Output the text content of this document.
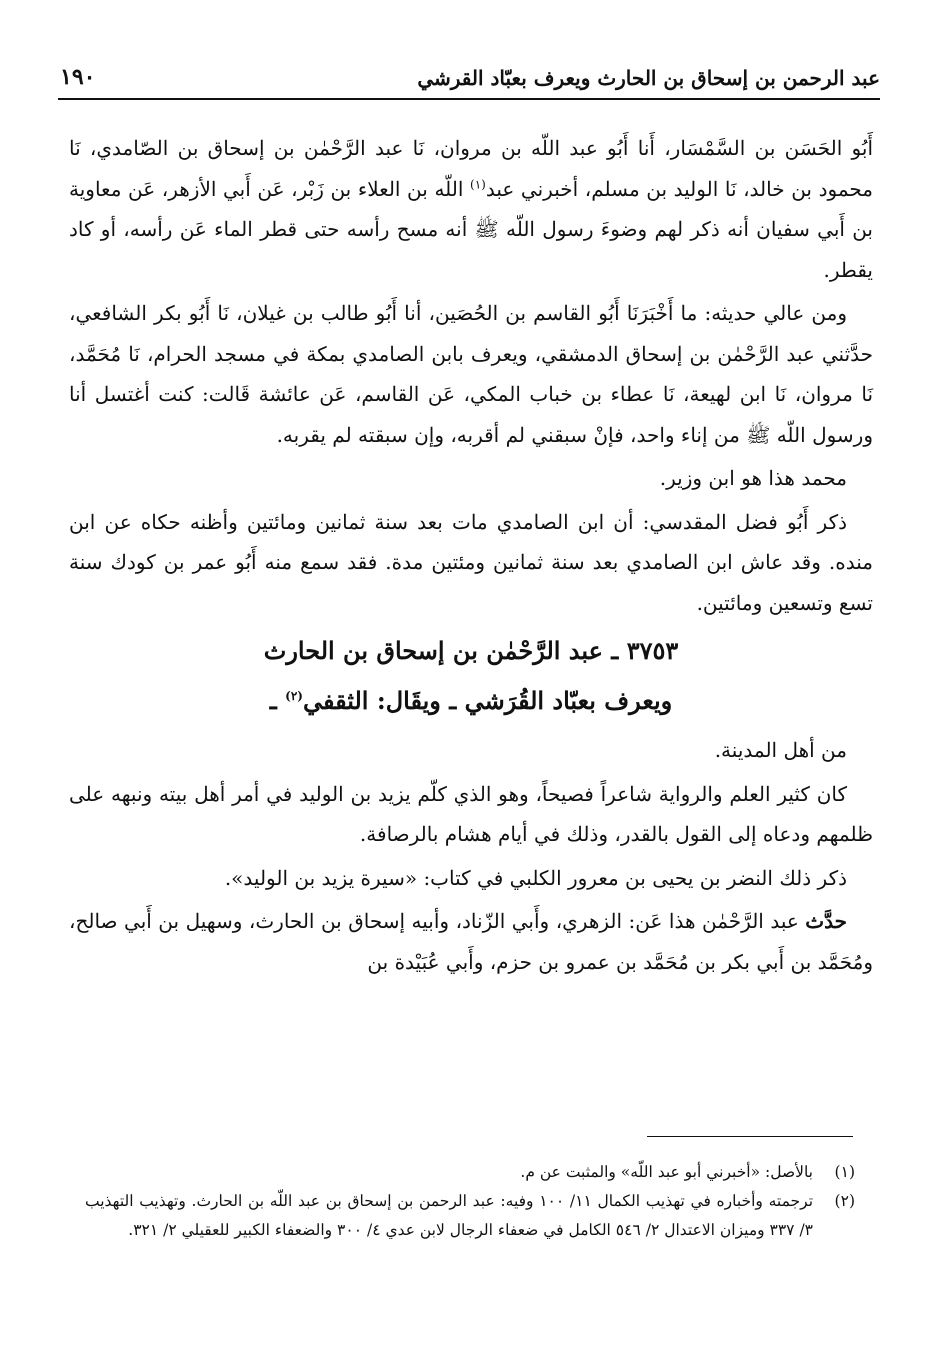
عبد الرحمن بن إسحاق بن الحارث ويعرف بعبّاد القرشي
١٩٠

أَبُو الحَسَن بن السَّمْسَار، أَنا أَبُو عبد اللّه بن مروان، نَا عبد الرَّحْمٰن بن إسحاق بن الصّامدي، نَا محمود بن خالد، نَا الوليد بن مسلم، أخبرني عبد$^{(١)}$ اللّه بن العلاء بن زَبْر، عَن أَبي الأزهر، عَن معاوية بن أَبي سفيان أنه ذكر لهم وضوءَ رسول اللّه ﷺ أنه مسح رأسه حتى قطر الماء عَن رأسه، أو كاد يقطر.

ومن عالي حديثه: ما أَخْبَرَنَا أَبُو القاسم بن الحُصَين، أنا أَبُو طالب بن غيلان، نَا أَبُو بكر الشافعي، حدَّثني عبد الرَّحْمٰن بن إسحاق الدمشقي، ويعرف بابن الصامدي بمكة في مسجد الحرام، نَا مُحَمَّد، نَا مروان، نَا ابن لهيعة، نَا عطاء بن خباب المكي، عَن القاسم، عَن عائشة قَالت: كنت أغتسل أنا ورسول اللّه ﷺ من إناء واحد، فإنْ سبقني لم أقربه، وإن سبقته لم يقربه.

محمد هذا هو ابن وزير.

ذكر أَبُو فضل المقدسي: أن ابن الصامدي مات بعد سنة ثمانين ومائتين وأظنه حكاه عن ابن منده. وقد عاش ابن الصامدي بعد سنة ثمانين ومئتين مدة. فقد سمع منه أَبُو عمر بن كودك سنة تسع وتسعين ومائتين.

٣٧٥٣ ـ عبد الرَّحْمٰن بن إسحاق بن الحارث

ويعرف بعبّاد القُرَشي ـ ويقَال: الثقفي$^{(٢)}$ ـ

من أهل المدينة.

كان كثير العلم والرواية شاعراً فصيحاً، وهو الذي كلّم يزيد بن الوليد في أمر أهل بيته ونبهه على ظلمهم ودعاه إلى القول بالقدر، وذلك في أيام هشام بالرصافة.

ذكر ذلك النضر بن يحيى بن معرور الكلبي في كتاب: «سيرة يزيد بن الوليد».

حدَّث عبد الرَّحْمٰن هذا عَن: الزهري، وأَبي الزّناد، وأبيه إسحاق بن الحارث، وسهيل بن أَبي صالح، ومُحَمَّد بن أَبي بكر بن مُحَمَّد بن عمرو بن حزم، وأَبي عُبَيْدة بن

(١)
بالأصل: «أخبرني أبو عبد اللّه» والمثبت عن م.
(٢)
ترجمته وأخباره في تهذيب الكمال ١١/ ١٠٠ وفيه: عبد الرحمن بن إسحاق بن عبد اللّه بن الحارث. وتهذيب التهذيب ٣/ ٣٣٧ وميزان الاعتدال ٢/ ٥٤٦ الكامل في ضعفاء الرجال لابن عدي ٤/ ٣٠٠ والضعفاء الكبير للعقيلي ٢/ ٣٢١.
